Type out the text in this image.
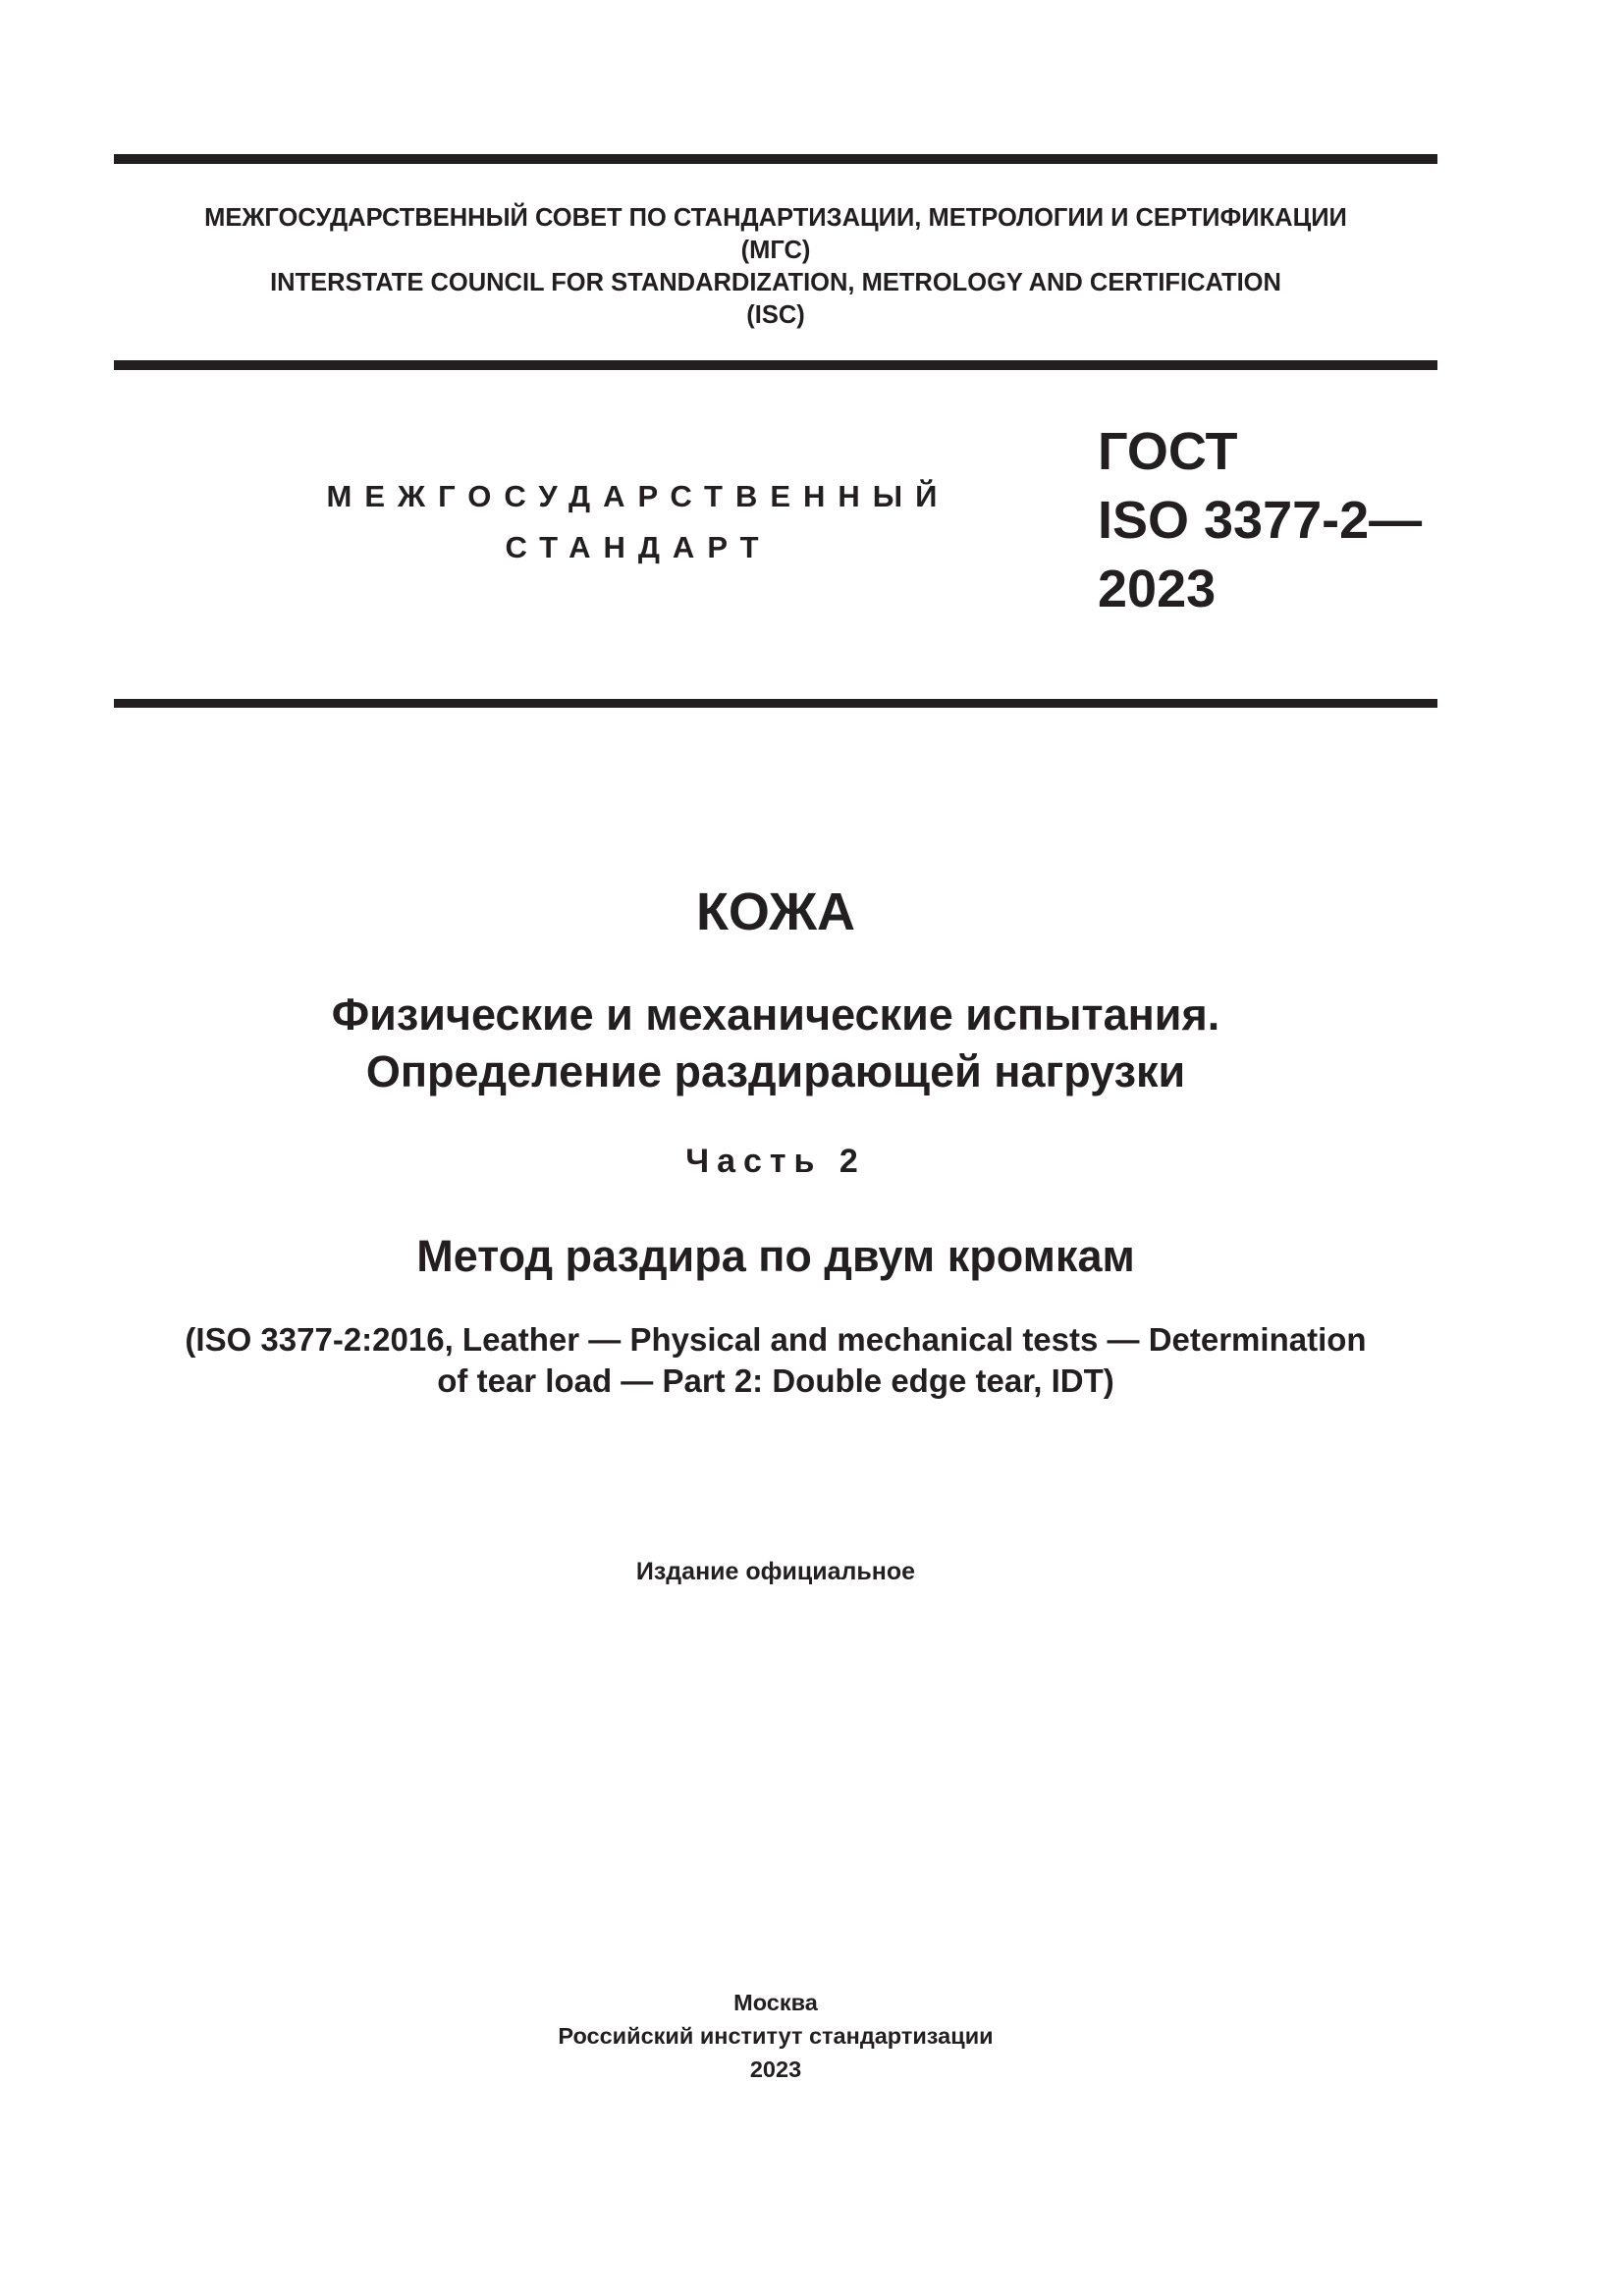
МЕЖГОСУДАРСТВЕННЫЙ СОВЕТ ПО СТАНДАРТИЗАЦИИ, МЕТРОЛОГИИ И СЕРТИФИКАЦИИ
(МГС)
INTERSTATE COUNCIL FOR STANDARDIZATION, METROLOGY AND CERTIFICATION
(ISC)
МЕЖГОСУДАРСТВЕННЫЙ
СТАНДАРТ
ГОСТ
ISO 3377-2—
2023
КОЖА
Физические и механические испытания.
Определение раздирающей нагрузки
Часть 2
Метод раздира по двум кромкам
(ISO 3377-2:2016, Leather — Physical and mechanical tests — Determination
of tear load — Part 2: Double edge tear, IDT)
Издание официальное
Москва
Российский институт стандартизации
2023
